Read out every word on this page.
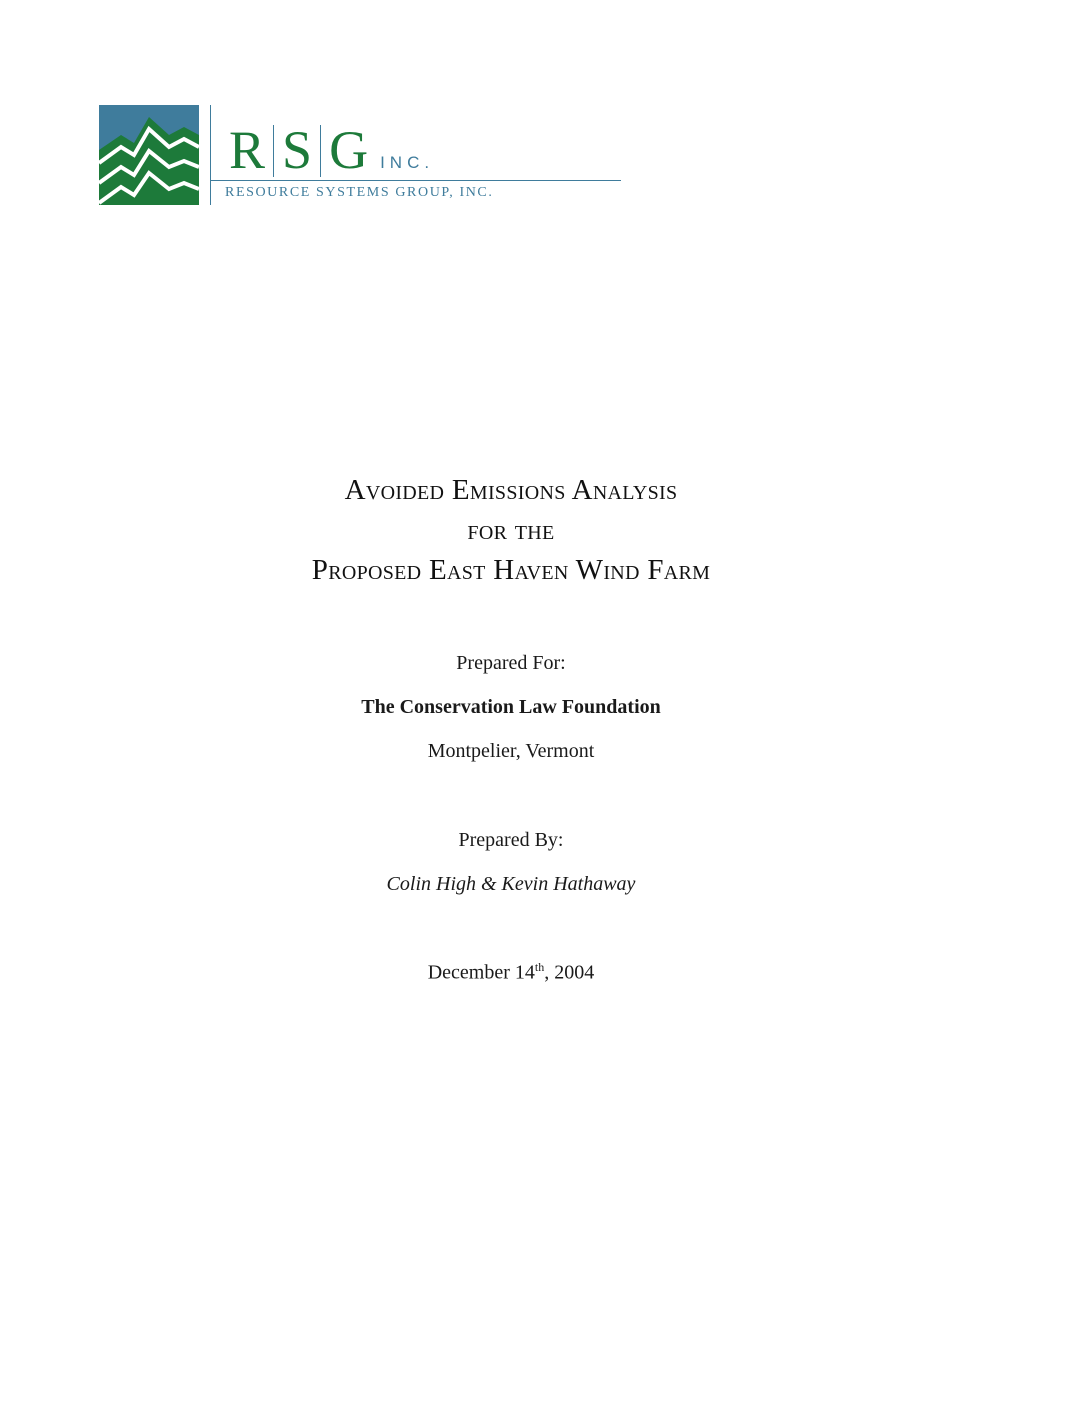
R S G INC.
RESOURCE SYSTEMS GROUP, INC.
Avoided Emissions Analysis
for the
Proposed East Haven Wind Farm
Prepared For:
The Conservation Law Foundation
Montpelier, Vermont
Prepared By:
Colin High & Kevin Hathaway
December 14th, 2004
